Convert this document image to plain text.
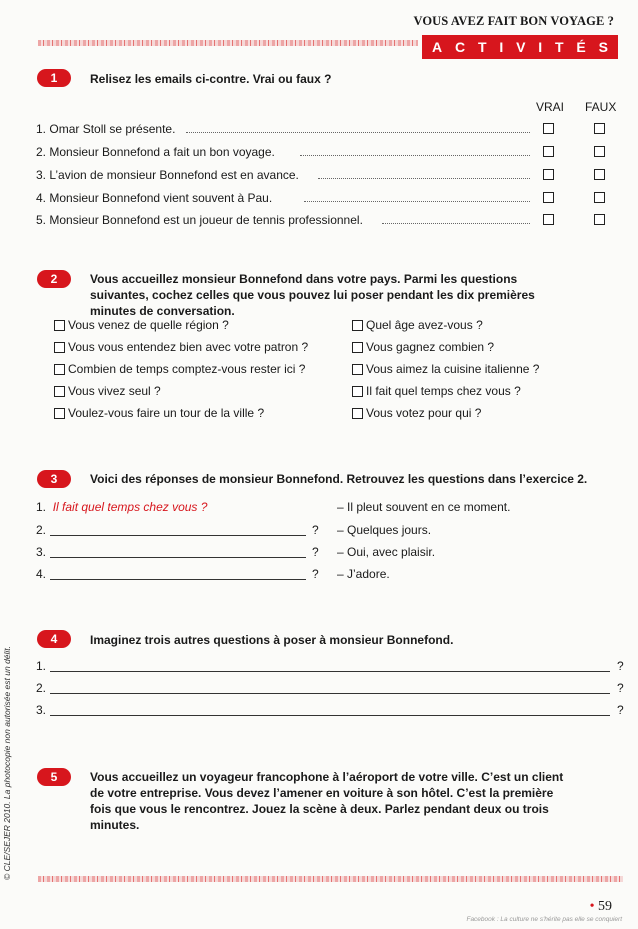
VOUS AVEZ FAIT BON VOYAGE ?
A C T I V I T É S
© CLE/SEJER 2010. La photocopie non autorisée est un délit.
1	Relisez les emails ci-contre. Vrai ou faux ?
VRAI FAUX
1. Omar Stoll se présente.
2. Monsieur Bonnefond a fait un bon voyage.
3. L’avion de monsieur Bonnefond est en avance.
4. Monsieur Bonnefond vient souvent à Pau.
5. Monsieur Bonnefond est un joueur de tennis professionnel.
2	Vous accueillez monsieur Bonnefond dans votre pays. Parmi les questions suivantes, cochez celles que vous pouvez lui poser pendant les dix premières minutes de conversation.
Vous venez de quelle région ?
Vous vous entendez bien avec votre patron ?
Combien de temps comptez-vous rester ici ?
Vous vivez seul ?
Voulez-vous faire un tour de la ville ?
Quel âge avez-vous ?
Vous gagnez combien ?
Vous aimez la cuisine italienne ?
Il fait quel temps chez vous ?
Vous votez pour qui ?
3	Voici des réponses de monsieur Bonnefond. Retrouvez les questions dans l’exercice 2.
1. Il fait quel temps chez vous ?	– Il pleut souvent en ce moment.
2.	? – Quelques jours.
3.	? – Oui, avec plaisir.
4.	? – J’adore.
4	Imaginez trois autres questions à poser à monsieur Bonnefond.
1.	?
2.	?
3.	?
5	Vous accueillez un voyageur francophone à l’aéroport de votre ville. C’est un client de votre entreprise. Vous devez l’amener en voiture à son hôtel. C’est la première fois que vous le rencontrez. Jouez la scène à deux. Parlez pendant deux ou trois minutes.
• 59
Facebook : La culture ne s'hérite pas elle se conquiert
